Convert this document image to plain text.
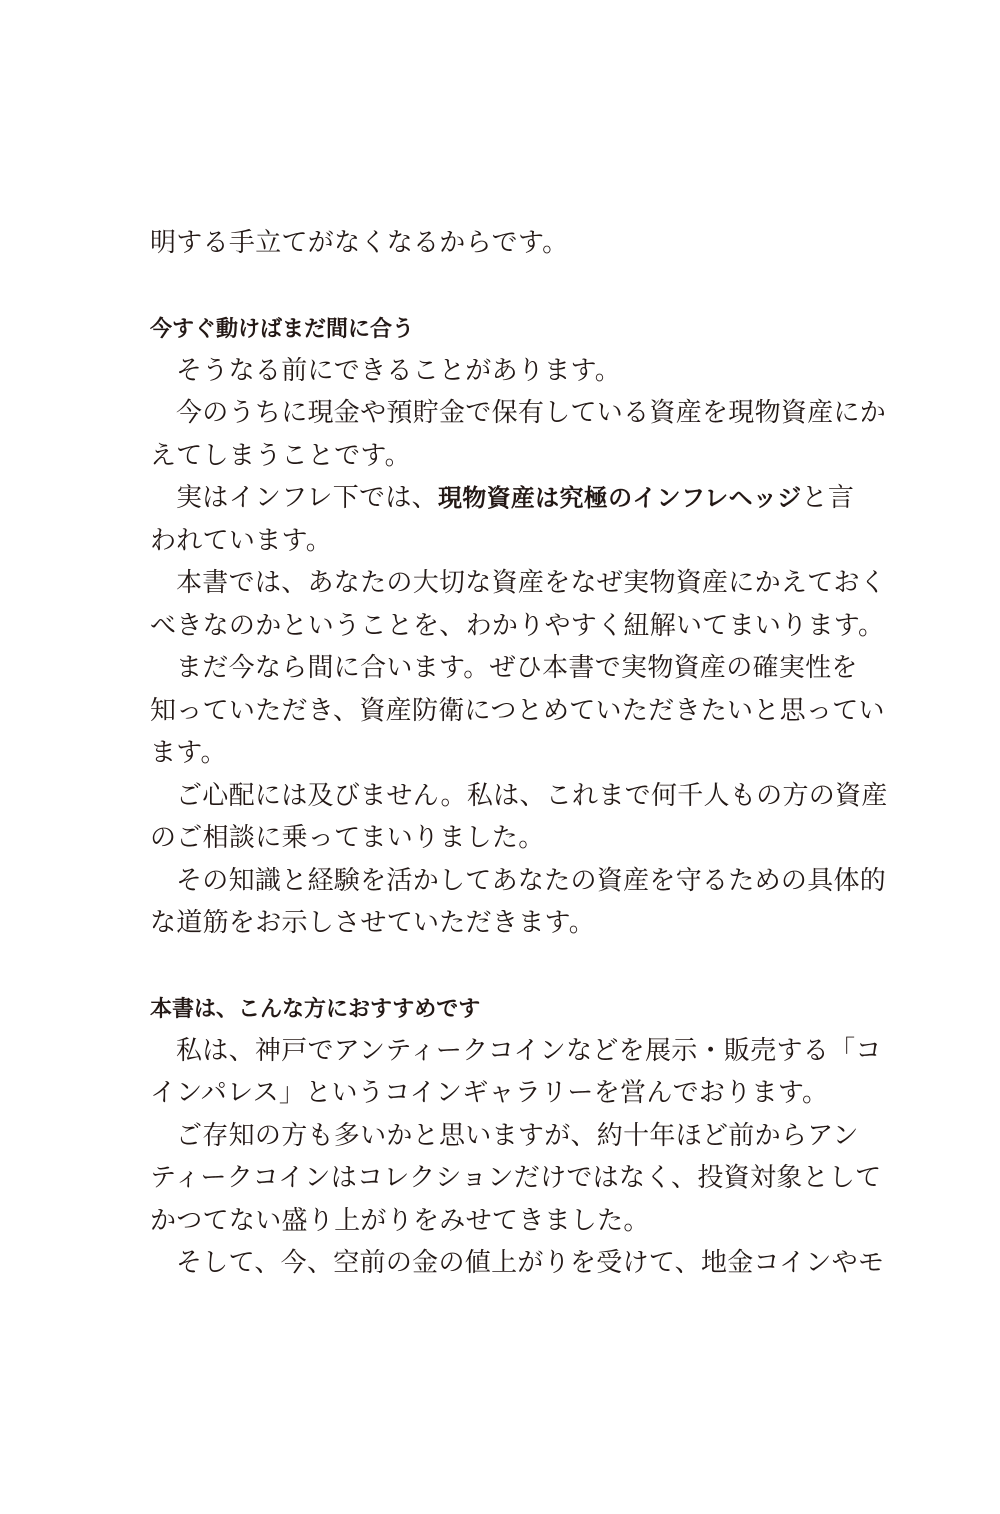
明する手立てがなくなるからです。
今すぐ動けばまだ間に合う
そうなる前にできることがあります。
今のうちに現金や預貯金で保有している資産を現物資産にか
えてしまうことです。
実はインフレ下では、現物資産は究極のインフレヘッジと言
われています。
本書では、あなたの大切な資産をなぜ実物資産にかえておく
べきなのかということを、わかりやすく紐解いてまいります。
まだ今なら間に合います。ぜひ本書で実物資産の確実性を
知っていただき、資産防衛につとめていただきたいと思ってい
ます。
ご心配には及びません。私は、これまで何千人もの方の資産
のご相談に乗ってまいりました。
その知識と経験を活かしてあなたの資産を守るための具体的
な道筋をお示しさせていただきます。
本書は、こんな方におすすめです
私は、神戸でアンティークコインなどを展示・販売する「コ
インパレス」というコインギャラリーを営んでおります。
ご存知の方も多いかと思いますが、約十年ほど前からアン
ティークコインはコレクションだけではなく、投資対象として
かつてない盛り上がりをみせてきました。
そして、今、空前の金の値上がりを受けて、地金コインやモ
